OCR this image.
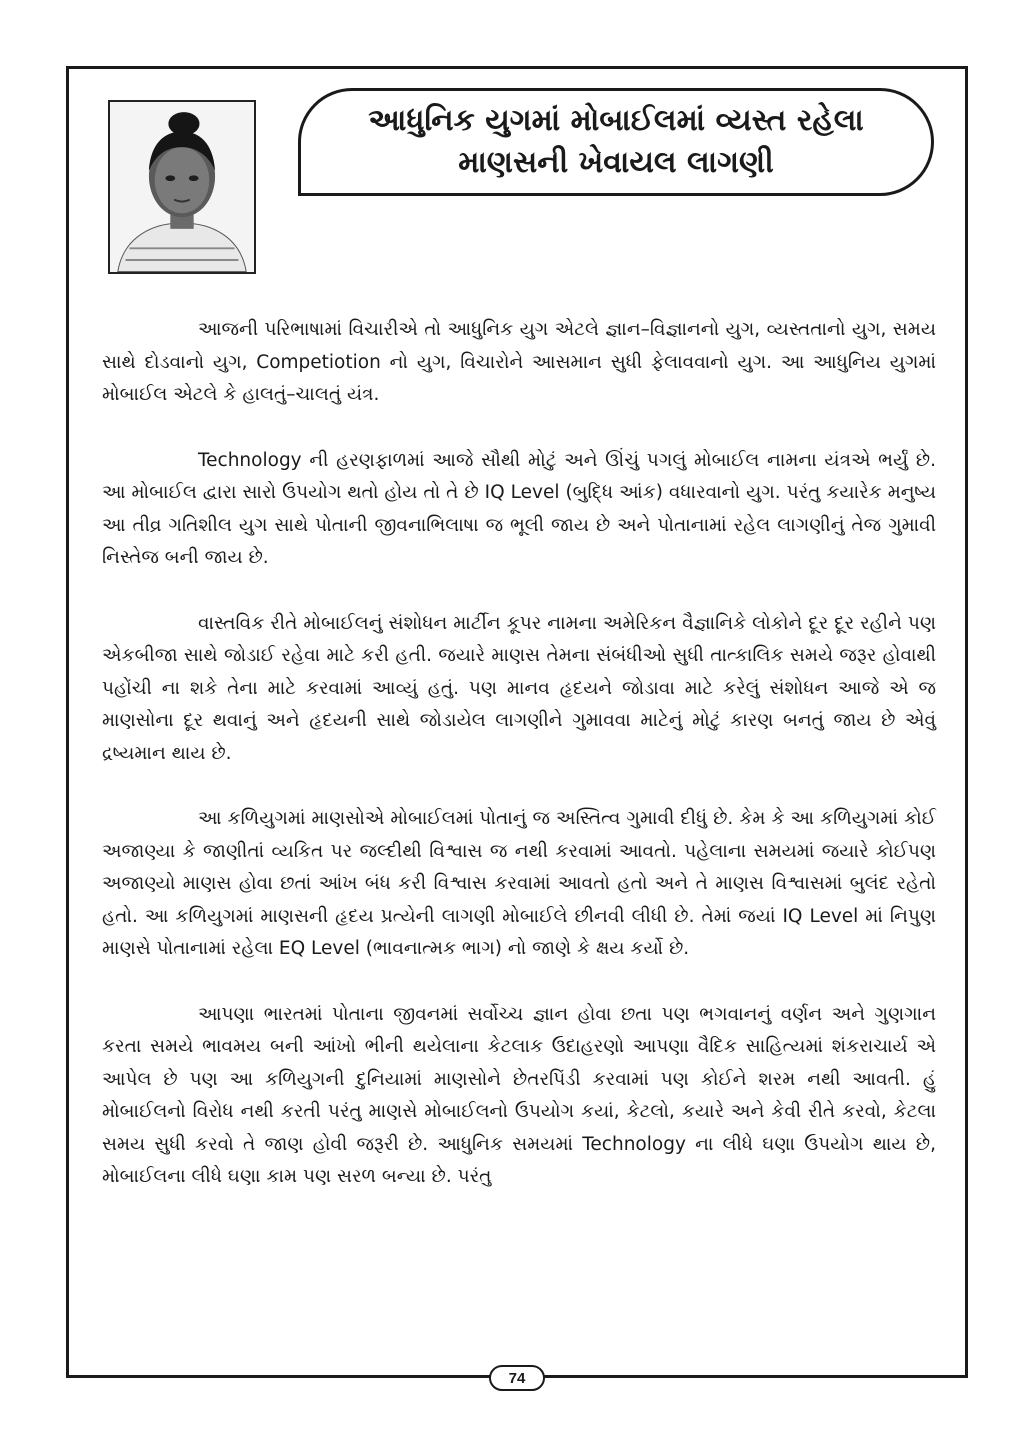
આધુનિક યુગમાં મોબાઈલમાં વ્યસ્ત રહેલા
માણસની ખેવાયલ લાગણી

આજની પરિભાષામાં વિચારીએ તો આધુનિક યુગ એટલે જ્ઞાન–વિજ્ઞાનનો યુગ, વ્યસ્તતાનો યુગ, સમય સાથે દોડવાનો યુગ, Competiotion નો યુગ, વિચારોને આસમાન સુધી ફેલાવવાનો યુગ. આ આધુનિય યુગમાં મોબાઈલ એટલે કે હાલતું–ચાલતું યંત્ર.

Technology ની હરણફાળમાં આજે સૌથી મોટું અને ઊંચું પગલું મોબાઈલ નામના યંત્રએ ભર્યું છે. આ મોબાઈલ દ્વારા સારો ઉપયોગ થતો હોય તો તે છે IQ Level (બુદ્ધિ આંક) વધારવાનો યુગ. પરંતુ કયારેક મનુષ્ય આ તીવ્ર ગતિશીલ યુગ સાથે પોતાની જીવનાભિલાષા જ ભૂલી જાય છે અને પોતાનામાં રહેલ લાગણીનું તેજ ગુમાવી નિસ્તેજ બની જાય છે.

વાસ્તવિક રીતે મોબાઈલનું સંશોધન માર્ટીન કૂપર નામના અમેરિકન વૈજ્ઞાનિકે લોકોને દૂર દૂર રહીને પણ એકબીજા સાથે જોડાઈ રહેવા માટે કરી હતી. જયારે માણસ તેમના સંબંધીઓ સુધી તાત્કાલિક સમયે જરૂર હોવાથી પહોંચી ના શકે તેના માટે કરવામાં આવ્યું હતું. પણ માનવ હૃદયને જોડાવા માટે કરેલું સંશોધન આજે એ જ માણસોના દૂર થવાનું અને હૃદયની સાથે જોડાયેલ લાગણીને ગુમાવવા માટેનું મોટું કારણ બનતું જાય છે એવું દ્રષ્યમાન થાય છે.

આ કળિયુગમાં માણસોએ મોબાઈલમાં પોતાનું જ અસ્તિત્વ ગુમાવી દીધું છે. કેમ કે આ કળિયુગમાં કોઈ અજાણ્યા કે જાણીતાં વ્યકિત પર જલ્દીથી વિશ્વાસ જ નથી કરવામાં આવતો. પહેલાના સમયમાં જયારે કોઈપણ અજાણ્યો માણસ હોવા છતાં આંખ બંધ કરી વિશ્વાસ કરવામાં આવતો હતો અને તે માણસ વિશ્વાસમાં બુલંદ રહેતો હતો. આ કળિયુગમાં માણસની હૃદય પ્રત્યેની લાગણી મોબાઈલે છીનવી લીધી છે. તેમાં જયાં IQ Level માં નિપુણ માણસે પોતાનામાં રહેલા EQ Level (ભાવનાત્મક ભાગ) નો જાણે કે ક્ષય કર્યો છે.

આપણા ભારતમાં પોતાના જીવનમાં સર્વોચ્ચ જ્ઞાન હોવા છતા પણ ભગવાનનું વર્ણન અને ગુણગાન કરતા સમયે ભાવમય બની આંખો ભીની થયેલાના કેટલાક ઉદાહરણો આપણા વૈદિક સાહિત્યમાં શંકરાચાર્ય એ આપેલ છે પણ આ કળિયુગની દુનિયામાં માણસોને છેતરપિંડી કરવામાં પણ કોઈને શરમ નથી આવતી. હું મોબાઈલનો વિરોધ નથી કરતી પરંતુ માણસે મોબાઈલનો ઉપયોગ કયાં, કેટલો, કયારે અને કેવી રીતે કરવો, કેટલા સમય સુધી કરવો તે જાણ હોવી જરૂરી છે. આધુનિક સમયમાં Technology ના લીધે ઘણા ઉપયોગ થાય છે, મોબાઈલના લીધે ઘણા કામ પણ સરળ બન્યા છે. પરંતુ

74
